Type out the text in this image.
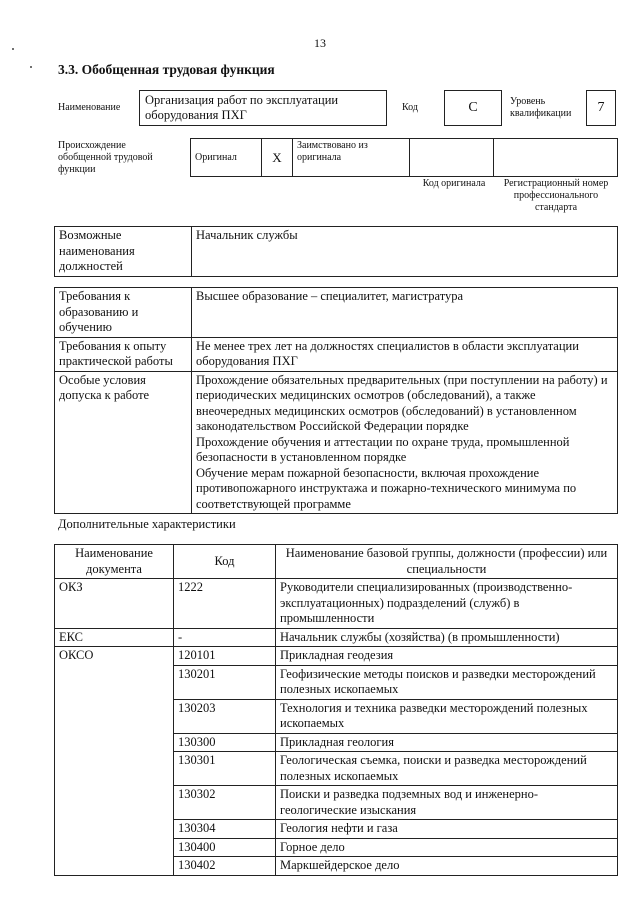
13
3.3. Обобщенная трудовая функция
Наименование
Организация работ по эксплуатации оборудования ПХГ
Код	C	Уровень квалификации	7
Происхождение обобщенной трудовой функции
Оригинал	X	Заимствовано из оригинала		
Код оригинала	Регистрационный номер профессионального стандарта
Возможные наименования должностей	Начальник службы
Требования к образованию и обучению	Высшее образование – специалитет, магистратура

Требования к опыту практической работы	Не менее трех лет на должностях специалистов в области эксплуатации оборудования ПХГ

Особые условия допуска к работе	Прохождение обязательных предварительных (при поступлении на работу) и периодических медицинских осмотров (обследований), а также внеочередных медицинских осмотров (обследований) в установленном законодательством Российской Федерации порядке
Прохождение обучения и аттестации по охране труда, промышленной безопасности в установленном порядке
Обучение мерам пожарной безопасности, включая прохождение противопожарного инструктажа и пожарно-технического минимума по соответствующей программе
Дополнительные характеристики
Наименование документа	Код	Наименование базовой группы, должности (профессии) или специальности
ОКЗ	1222	Руководители специализированных (производственно-эксплуатационных) подразделений (служб) в промышленности
ЕКС	-	Начальник службы (хозяйства) (в промышленности)
ОКСО	120101	Прикладная геодезия
	130201	Геофизические методы поисков и разведки месторождений полезных ископаемых
	130203	Технология и техника разведки месторождений полезных ископаемых
	130300	Прикладная геология
	130301	Геологическая съемка, поиски и разведка месторождений полезных ископаемых
	130302	Поиски и разведка подземных вод и инженерно-геологические изыскания
	130304	Геология нефти и газа
	130400	Горное дело
	130402	Маркшейдерское дело
